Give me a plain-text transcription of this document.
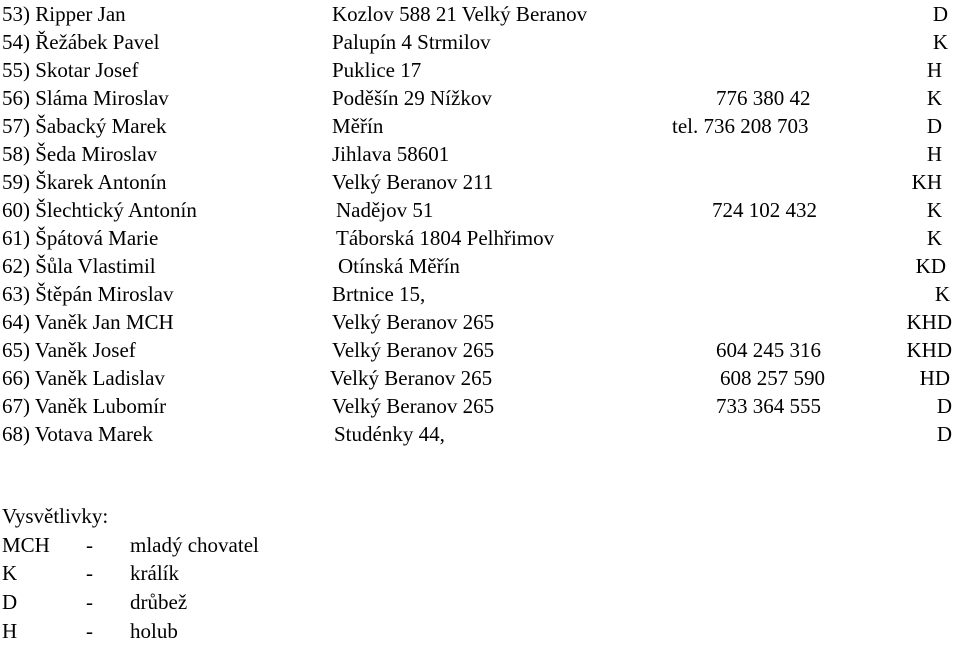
53) Ripper Jan	Kozlov 588 21 Velký Beranov	D
54) Řežábek Pavel	Palupín 4 Strmilov	K
55) Skotar Josef	Puklice 17	H
56) Sláma Miroslav	Poděšín 29 Nížkov	776 380 42	K
57) Šabacký Marek	Měřín	tel. 736 208 703	D
58) Šeda Miroslav	Jihlava 58601	H
59) Škarek Antonín	Velký Beranov 211	KH
60) Šlechtický Antonín	Nadějov 51	724 102 432	K
61) Špátová Marie	Táborská 1804 Pelhřimov	K
62) Šůla Vlastimil	Otínská Měřín	KD
63) Štěpán Miroslav	Brtnice 15,	K
64) Vaněk Jan MCH	Velký Beranov 265	KHD
65) Vaněk Josef	Velký Beranov 265	604 245 316	KHD
66) Vaněk Ladislav	Velký Beranov 265	608 257 590	HD
67) Vaněk Lubomír	Velký Beranov 265	733 364 555	D
68) Votava Marek	Studénky 44,	D
Vysvětlivky:
MCH - mladý chovatel
K	- králík
D	- drůbež
H	- holub
